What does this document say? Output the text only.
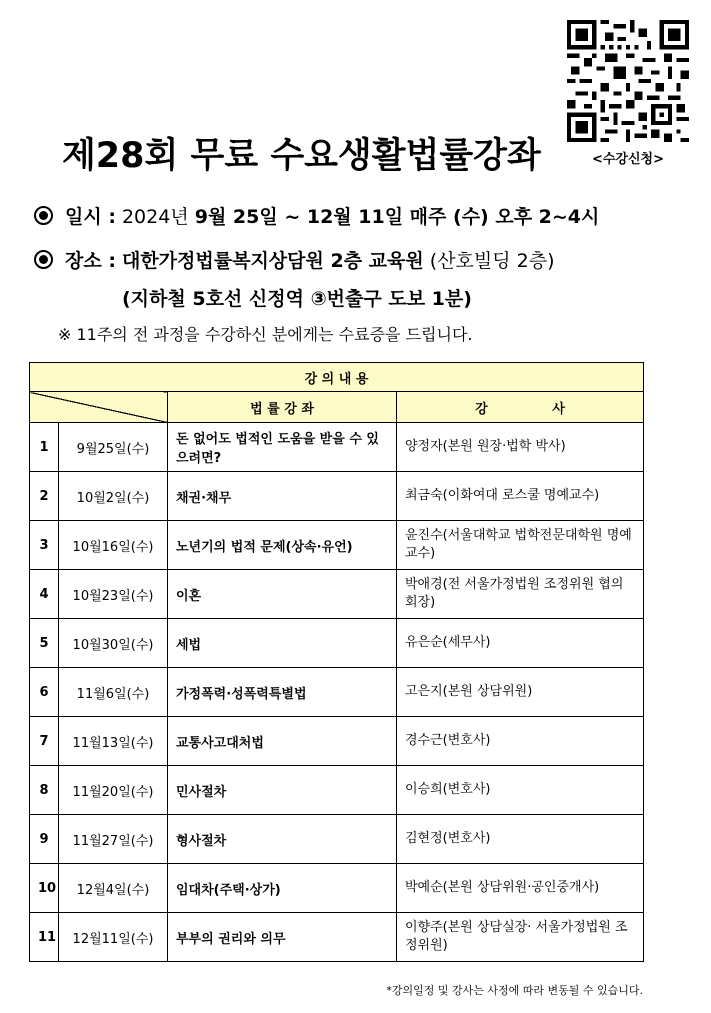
<수강신청>
제28회 무료 수요생활법률강좌
일시 : 2024년 9월 25일 ~ 12월 11일 매주 (수) 오후 2~4시
장소 : 대한가정법률복지상담원 2층 교육원 (산호빌딩 2층)
(지하철 5호선 신정역 ③번출구 도보 1분)
※ 11주의 전 과정을 수강하신 분에게는 수료증을 드립니다.
강 의 내 용			
		법 률 강 좌	강 사
1	9월25일(수)	돈 없어도 법적인 도움을 받을 수 있으려면?	양정자(본원 원장·법학 박사)
2	10월2일(수)	채권·채무	최금숙(이화여대 로스쿨 명예교수)
3	10월16일(수)	노년기의 법적 문제(상속·유언)	윤진수(서울대학교 법학전문대학원 명예교수)
4	10월23일(수)	이혼	박애경(전 서울가정법원 조정위원 협의회장)
5	10월30일(수)	세법	유은순(세무사)
6	11월6일(수)	가정폭력·성폭력특별법	고은지(본원 상담위원)
7	11월13일(수)	교통사고대처법	경수근(변호사)
8	11월20일(수)	민사절차	이승희(변호사)
9	11월27일(수)	형사절차	김현정(변호사)
10	12월4일(수)	임대차(주택·상가)	박예순(본원 상담위원·공인중개사)
11	12월11일(수)	부부의 권리와 의무	이향주(본원 상담실장· 서울가정법원 조정위원)
*강의일정 및 강사는 사정에 따라 변동될 수 있습니다.
